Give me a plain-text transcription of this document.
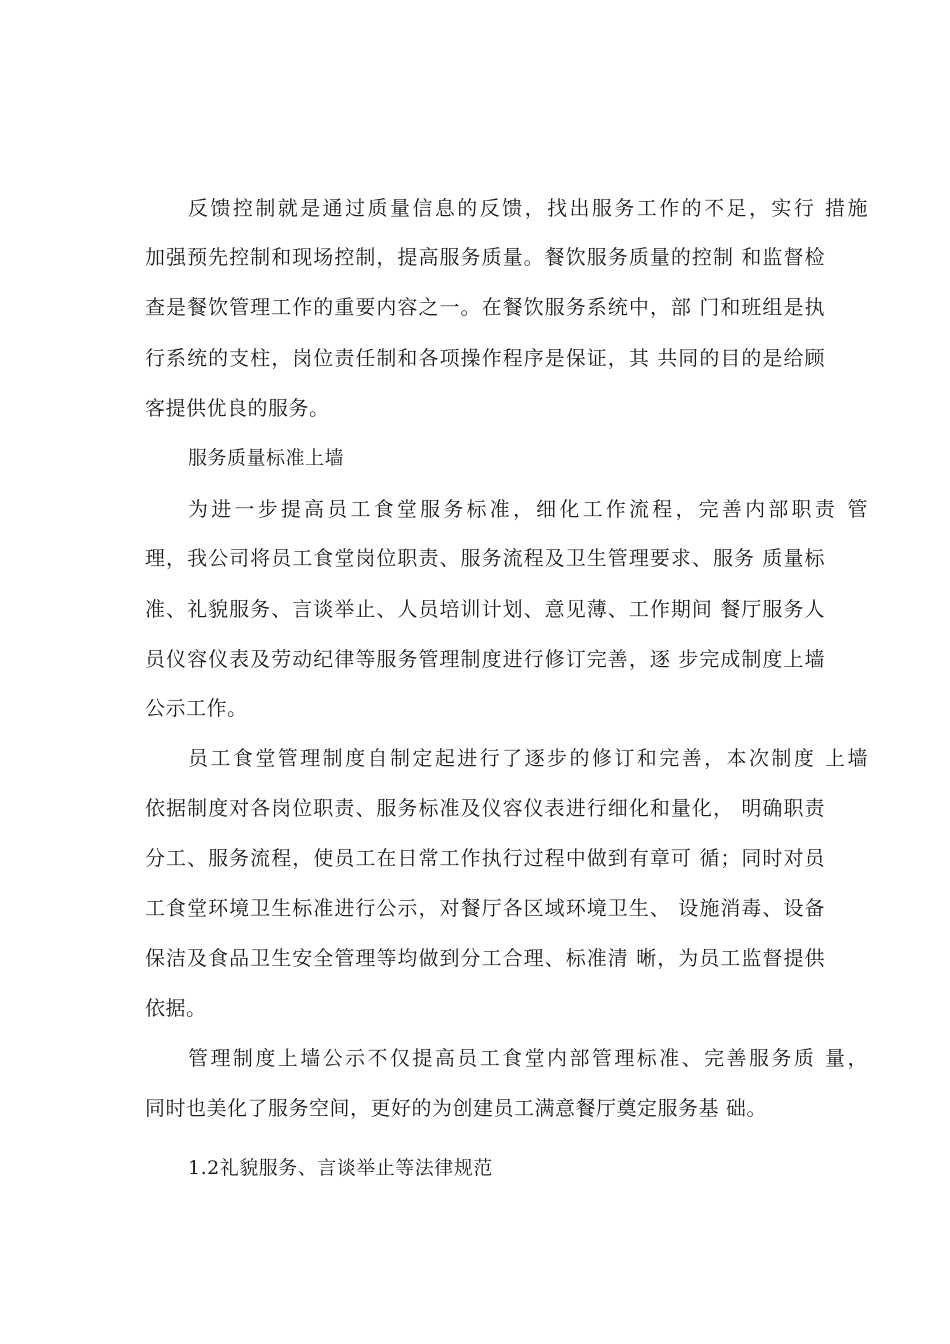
反馈控制就是通过质量信息的反馈，找出服务工作的不足，实行 措施
加强预先控制和现场控制，提高服务质量。餐饮服务质量的控制 和监督检
查是餐饮管理工作的重要内容之一。在餐饮服务系统中，部 门和班组是执
行系统的支柱，岗位责任制和各项操作程序是保证，其 共同的目的是给顾
客提供优良的服务。
服务质量标准上墙
为进一步提高员工食堂服务标准，细化工作流程，完善内部职责 管
理，我公司将员工食堂岗位职责、服务流程及卫生管理要求、服务 质量标
准、礼貌服务、言谈举止、人员培训计划、意见薄、工作期间 餐厅服务人
员仪容仪表及劳动纪律等服务管理制度进行修订完善，逐 步完成制度上墙
公示工作。
员工食堂管理制度自制定起进行了逐步的修订和完善，本次制度 上墙
依据制度对各岗位职责、服务标准及仪容仪表进行细化和量化， 明确职责
分工、服务流程，使员工在日常工作执行过程中做到有章可 循；同时对员
工食堂环境卫生标准进行公示，对餐厅各区域环境卫生、 设施消毒、设备
保洁及食品卫生安全管理等均做到分工合理、标准清 晰，为员工监督提供
依据。
管理制度上墙公示不仅提高员工食堂内部管理标准、完善服务质 量，
同时也美化了服务空间，更好的为创建员工满意餐厅奠定服务基 础。
1.2礼貌服务、言谈举止等法律规范
